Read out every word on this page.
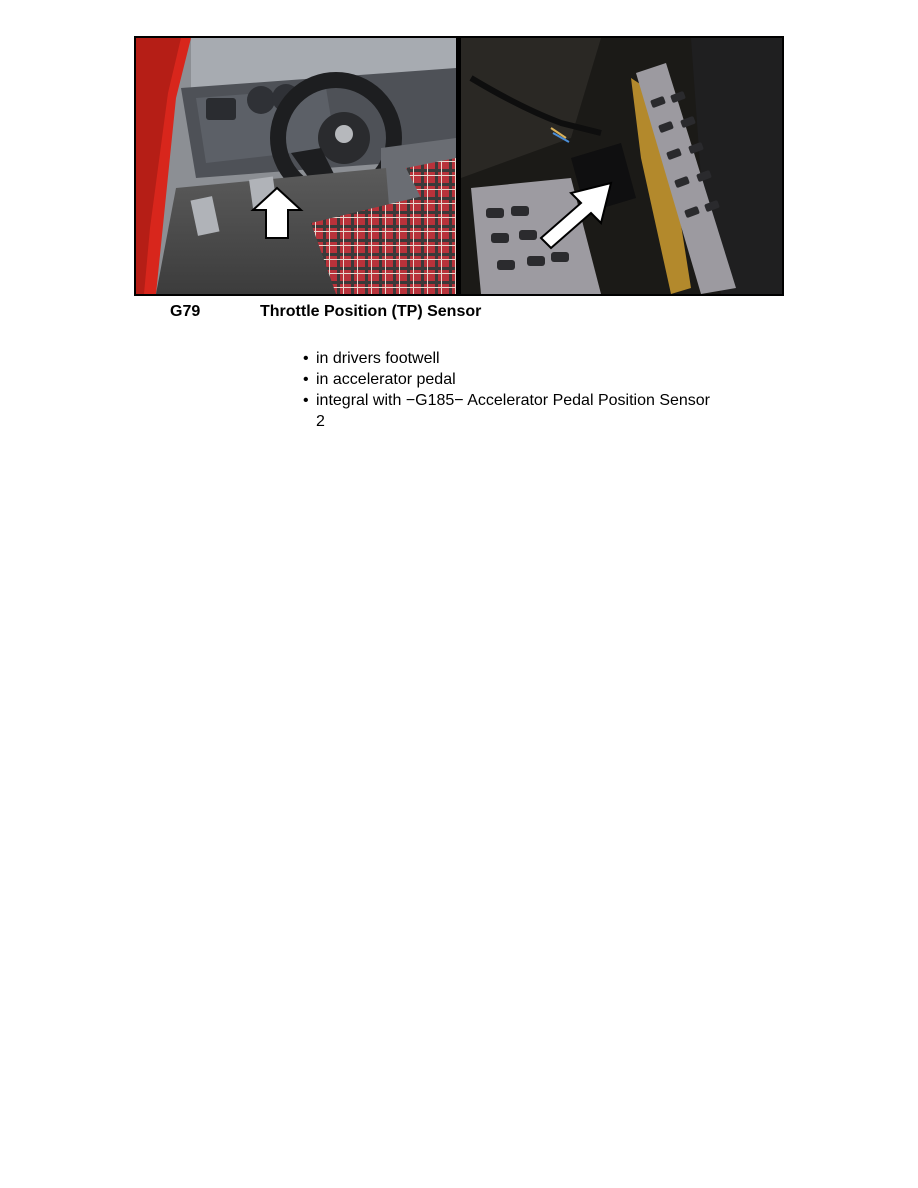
G79	Throttle Position (TP) Sensor
• in drivers footwell
• in accelerator pedal
• integral with −G185− Accelerator Pedal Position Sensor 2
